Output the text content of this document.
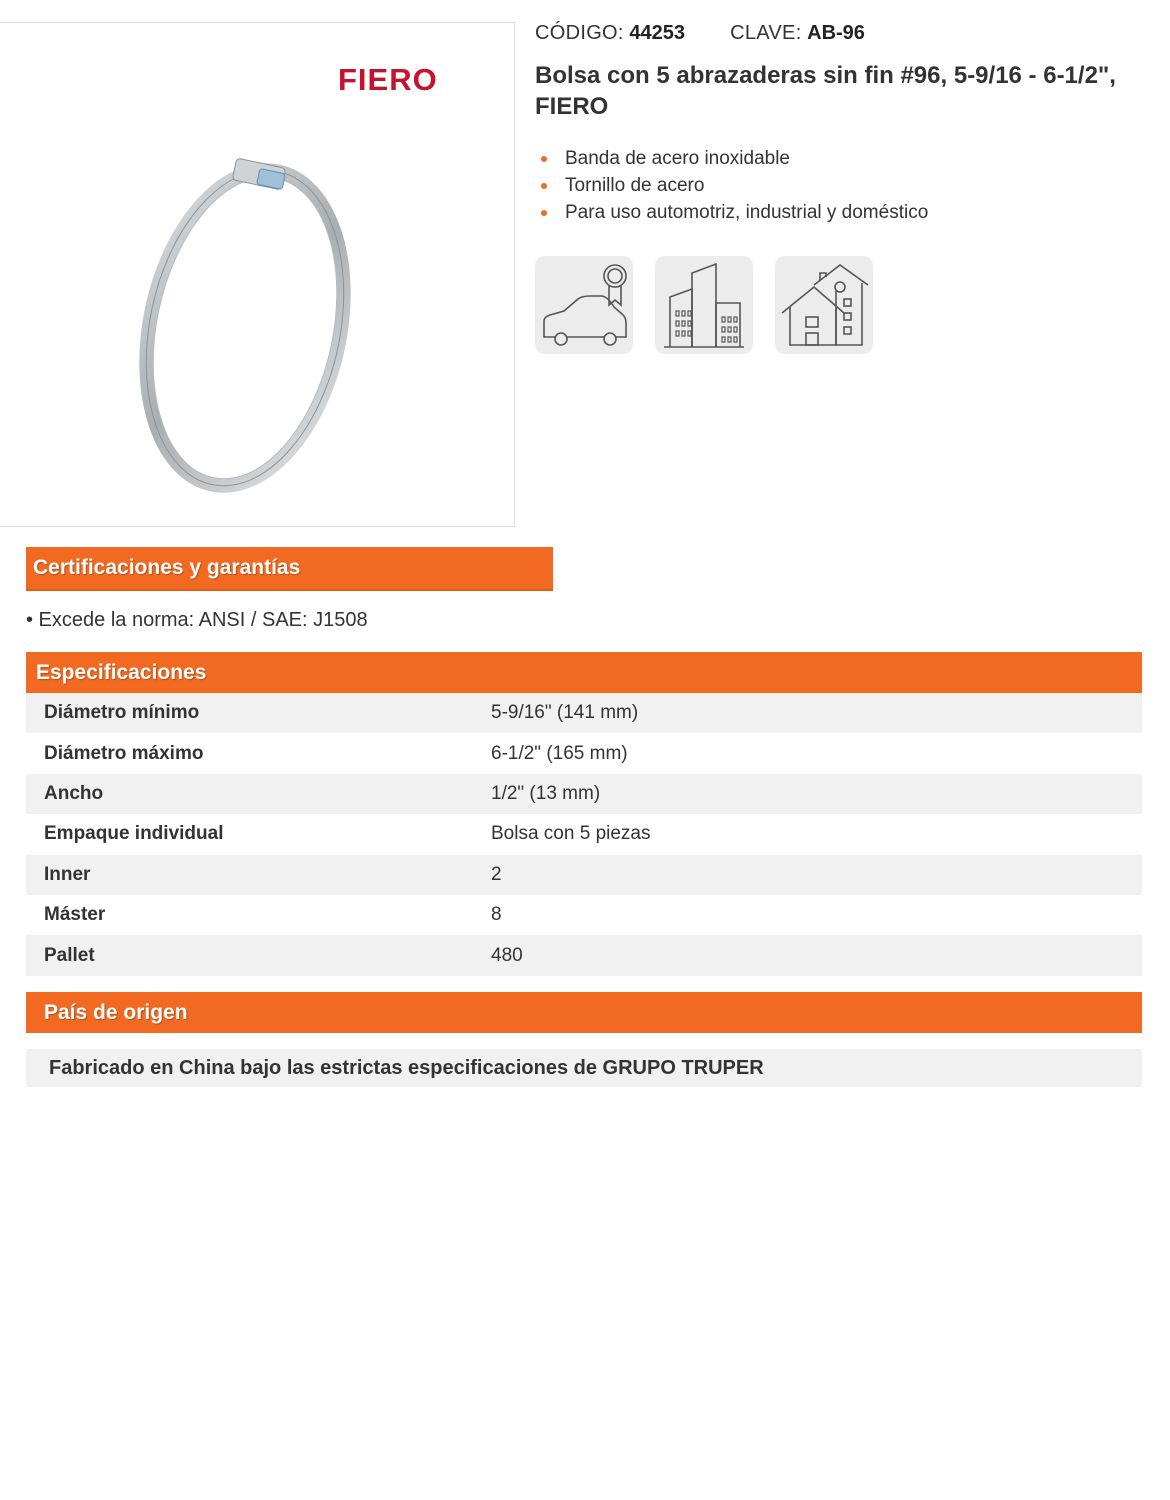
FIERO
CÓDIGO: 44253 CLAVE: AB-96
Bolsa con 5 abrazaderas sin fin #96, 5-9/16 - 6-1/2", FIERO
Banda de acero inoxidable
Tornillo de acero
Para uso automotriz, industrial y doméstico
Certificaciones y garantías
• Excede la norma: ANSI / SAE: J1508
Especificaciones
Diámetro mínimo	5-9/16" (141 mm)
Diámetro máximo	6-1/2" (165 mm)
Ancho	1/2" (13 mm)
Empaque individual	Bolsa con 5 piezas
Inner	2
Máster	8
Pallet	480
País de origen
Fabricado en China bajo las estrictas especificaciones de GRUPO TRUPER
